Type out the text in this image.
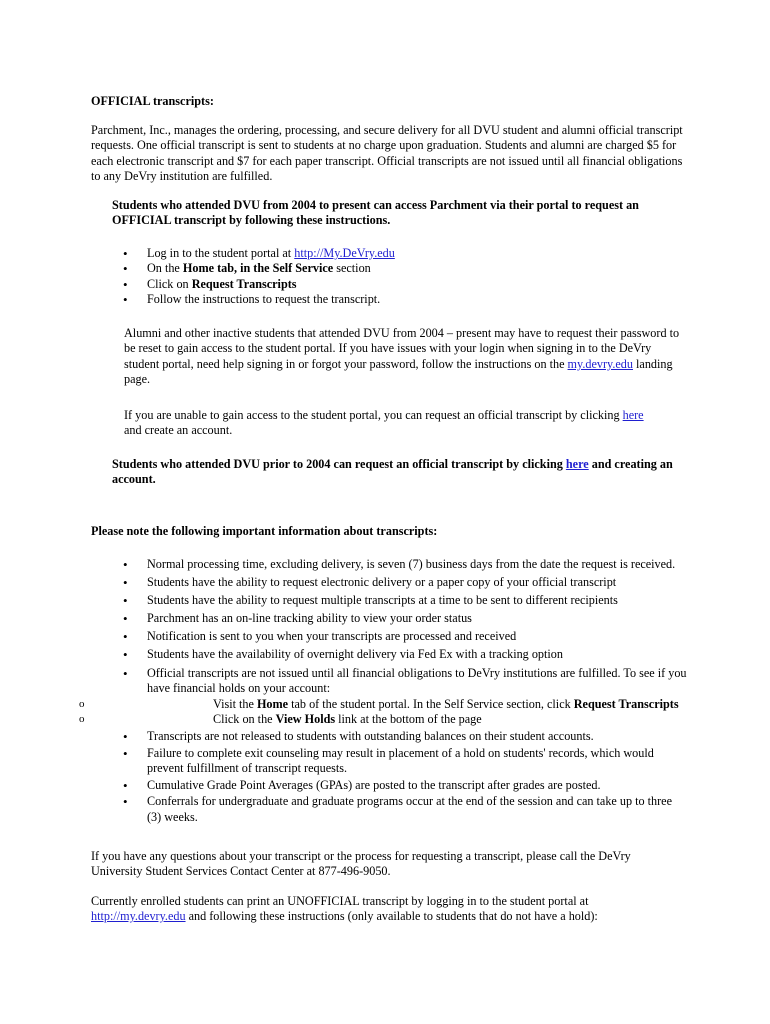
OFFICIAL transcripts:

Parchment, Inc., manages the ordering, processing, and secure delivery for all DVU student and alumni official transcript requests. One official transcript is sent to students at no charge upon graduation. Students and alumni are charged $5 for each electronic transcript and $7 for each paper transcript. Official transcripts are not issued until all financial obligations to any DeVry institution are fulfilled.

Students who attended DVU from 2004 to present can access Parchment via their portal to request an OFFICIAL transcript by following these instructions.

• Log in to the student portal at http://My.DeVry.edu
• On the Home tab, in the Self Service section
• Click on Request Transcripts
• Follow the instructions to request the transcript.

Alumni and other inactive students that attended DVU from 2004 – present may have to request their password to be reset to gain access to the student portal. If you have issues with your login when signing in to the DeVry student portal, need help signing in or forgot your password, follow the instructions on the my.devry.edu landing page.

If you are unable to gain access to the student portal, you can request an official transcript by clicking here
and create an account.

Students who attended DVU prior to 2004 can request an official transcript by clicking here and creating an account.

Please note the following important information about transcripts:

• Normal processing time, excluding delivery, is seven (7) business days from the date the request is received.
• Students have the ability to request electronic delivery or a paper copy of your official transcript
• Students have the ability to request multiple transcripts at a time to be sent to different recipients
• Parchment has an on-line tracking ability to view your order status
• Notification is sent to you when your transcripts are processed and received
• Students have the availability of overnight delivery via Fed Ex with a tracking option
• Official transcripts are not issued until all financial obligations to DeVry institutions are fulfilled. To see if you have financial holds on your account:
o Visit the Home tab of the student portal. In the Self Service section, click Request Transcripts
o Click on the View Holds link at the bottom of the page
• Transcripts are not released to students with outstanding balances on their student accounts.
• Failure to complete exit counseling may result in placement of a hold on students' records, which would prevent fulfillment of transcript requests.
• Cumulative Grade Point Averages (GPAs) are posted to the transcript after grades are posted.
• Conferrals for undergraduate and graduate programs occur at the end of the session and can take up to three (3) weeks.

If you have any questions about your transcript or the process for requesting a transcript, please call the DeVry University Student Services Contact Center at 877-496-9050.

Currently enrolled students can print an UNOFFICIAL transcript by logging in to the student portal at http://my.devry.edu and following these instructions (only available to students that do not have a hold):
